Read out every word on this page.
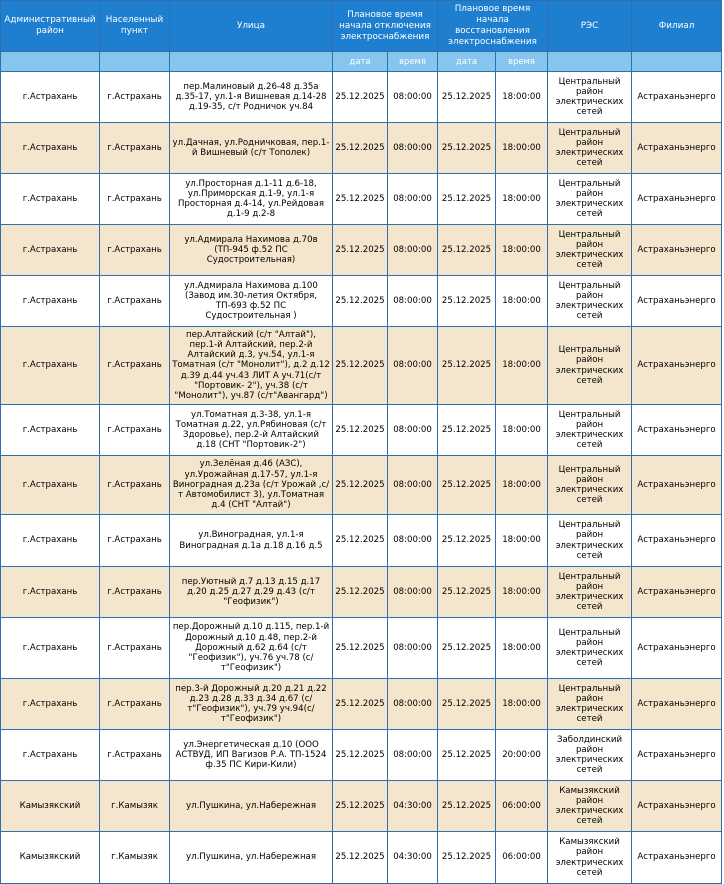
Административный район	Населенный пункт	Улица	Плановое время начала отключения электроснабжения		Плановое время начала восстановления электроснабжения		РЭС	Филиал
			дата	время	дата	время		
г.Астрахань	г.Астрахань	пер.Малиновый д.26-48 д.35а д.35-17, ул.1-я Вишневая д.14-28 д.19-35, с/т Родничок уч.84	25.12.2025	08:00:00	25.12.2025	18:00:00	Центральный район электрических сетей	Астраханьэнерго
г.Астрахань	г.Астрахань	ул.Дачная, ул.Родничковая, пер.1-й Вишневый (с/т Тополек)	25.12.2025	08:00:00	25.12.2025	18:00:00	Центральный район электрических сетей	Астраханьэнерго
г.Астрахань	г.Астрахань	ул.Просторная д.1-11 д.6-18, ул.Приморская д.1-9, ул.1-я Просторная д.4-14, ул.Рейдовая д.1-9 д.2-8	25.12.2025	08:00:00	25.12.2025	18:00:00	Центральный район электрических сетей	Астраханьэнерго
г.Астрахань	г.Астрахань	ул.Адмирала Нахимова д.70в (ТП-945 ф.52 ПС Судостроительная)	25.12.2025	08:00:00	25.12.2025	18:00:00	Центральный район электрических сетей	Астраханьэнерго
г.Астрахань	г.Астрахань	ул.Адмирала Нахимова д.100 (Завод им.30-летия Октября, ТП-693 ф.52 ПС Судостроительная )	25.12.2025	08:00:00	25.12.2025	18:00:00	Центральный район электрических сетей	Астраханьэнерго
г.Астрахань	г.Астрахань	пер.Алтайский (с/т "Алтай"), пер.1-й Алтайский, пер.2-й Алтайский д.3, уч.54, ул.1-я Томатная (с/т "Монолит"), д.2 д.12 д.39 д.44 уч.43 ЛИТ А уч.71(с/т "Портовик- 2"), уч.38 (с/т "Монолит"), уч.87 (с/т"Авангард")	25.12.2025	08:00:00	25.12.2025	18:00:00	Центральный район электрических сетей	Астраханьэнерго
г.Астрахань	г.Астрахань	ул.Томатная д.3-38, ул.1-я Томатная д.22, ул.Рябиновая (с/т Здоровье), пер.2-й Алтайский д.18 (СНТ "Портовик-2")	25.12.2025	08:00:00	25.12.2025	18:00:00	Центральный район электрических сетей	Астраханьэнерго
г.Астрахань	г.Астрахань	ул.Зелёная д.46 (АЗС), ул.Урожайная д.17-57, ул.1-я Виноградная д.23а (с/т Урожай ,с/т Автомобилист 3), ул.Томатная д.4 (СНТ "Алтай")	25.12.2025	08:00:00	25.12.2025	18:00:00	Центральный район электрических сетей	Астраханьэнерго
г.Астрахань	г.Астрахань	ул.Виноградная, ул.1-я Виноградная д.1а д.18 д.16 д.5	25.12.2025	08:00:00	25.12.2025	18:00:00	Центральный район электрических сетей	Астраханьэнерго
г.Астрахань	г.Астрахань	пер.Уютный д.7 д.13 д.15 д.17 д.20 д.25 д.27 д.29 д.43 (с/т "Геофизик")	25.12.2025	08:00:00	25.12.2025	18:00:00	Центральный район электрических сетей	Астраханьэнерго
г.Астрахань	г.Астрахань	пер.Дорожный д.10 д.115, пер.1-й Дорожный д.10 д.48, пер.2-й Дорожный д.62 д.64 (с/т "Геофизик"), уч.76 уч.78 (с/т"Геофизик")	25.12.2025	08:00:00	25.12.2025	18:00:00	Центральный район электрических сетей	Астраханьэнерго
г.Астрахань	г.Астрахань	пер.3-й Дорожный д.20 д.21 д.22 д.23 д.28 д.33 д.34 д.67 (с/т"Геофизик"), уч.79 уч.94(с/т"Геофизик")	25.12.2025	08:00:00	25.12.2025	18:00:00	Центральный район электрических сетей	Астраханьэнерго
г.Астрахань	г.Астрахань	ул.Энергетическая д.10 (ООО АСТВУД, ИП Вагизов Р.А. ТП-1524 ф.35 ПС Кири-Кили)	25.12.2025	08:00:00	25.12.2025	20:00:00	Заболдинский район электрических сетей	Астраханьэнерго
Камызякский	г.Камызяк	ул.Пушкина, ул.Набережная	25.12.2025	04:30:00	25.12.2025	06:00:00	Камызякский район электрических сетей	Астраханьэнерго
Камызякский	г.Камызяк	ул.Пушкина, ул.Набережная	25.12.2025	04:30:00	25.12.2025	06:00:00	Камызякский район электрических сетей	Астраханьэнерго
